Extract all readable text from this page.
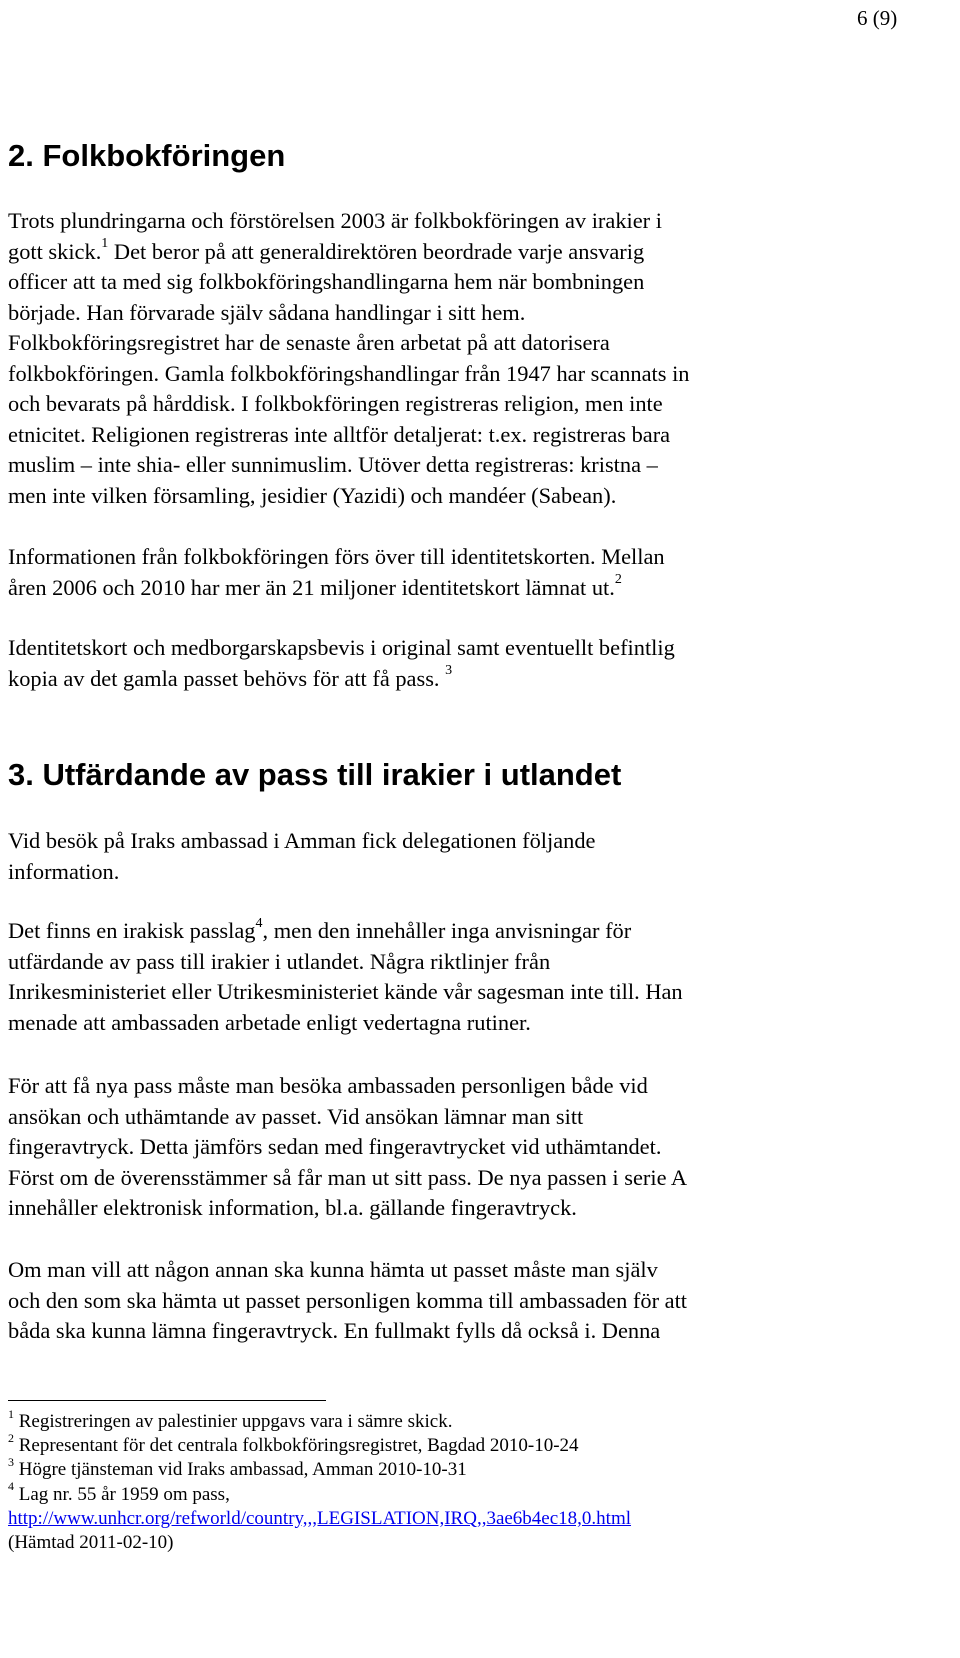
6 (9)
2. Folkbokföringen

Trots plundringarna och förstörelsen 2003 är folkbokföringen av irakier i
gott skick.$^1$ Det beror på att generaldirektören beordrade varje ansvarig
officer att ta med sig folkbokföringshandlingarna hem när bombningen
började. Han förvarade själv sådana handlingar i sitt hem.
Folkbokföringsregistret har de senaste åren arbetat på att datorisera
folkbokföringen. Gamla folkbokföringshandlingar från 1947 har scannats in
och bevarats på hårddisk. I folkbokföringen registreras religion, men inte
etnicitet. Religionen registreras inte alltför detaljerat: t.ex. registreras bara
muslim – inte shia- eller sunnimuslim. Utöver detta registreras: kristna –
men inte vilken församling, jesidier (Yazidi) och mandéer (Sabean).

Informationen från folkbokföringen förs över till identitetskorten. Mellan
åren 2006 och 2010 har mer än 21 miljoner identitetskort lämnat ut.$^2$

Identitetskort och medborgarskapsbevis i original samt eventuellt befintlig
kopia av det gamla passet behövs för att få pass. $^3$

3. Utfärdande av pass till irakier i utlandet

Vid besök på Iraks ambassad i Amman fick delegationen följande
information.

Det finns en irakisk passlag$^4$, men den innehåller inga anvisningar för
utfärdande av pass till irakier i utlandet. Några riktlinjer från
Inrikesministeriet eller Utrikesministeriet kände vår sagesman inte till. Han
menade att ambassaden arbetade enligt vedertagna rutiner.

För att få nya pass måste man besöka ambassaden personligen både vid
ansökan och uthämtande av passet. Vid ansökan lämnar man sitt
fingeravtryck. Detta jämförs sedan med fingeravtrycket vid uthämtandet.
Först om de överensstämmer så får man ut sitt pass. De nya passen i serie A
innehåller elektronisk information, bl.a. gällande fingeravtryck.

Om man vill att någon annan ska kunna hämta ut passet måste man själv
och den som ska hämta ut passet personligen komma till ambassaden för att
båda ska kunna lämna fingeravtryck. En fullmakt fylls då också i. Denna

$^1$ Registreringen av palestinier uppgavs vara i sämre skick.
$^2$ Representant för det centrala folkbokföringsregistret, Bagdad 2010-10-24
$^3$ Högre tjänsteman vid Iraks ambassad, Amman 2010-10-31
$^4$ Lag nr. 55 år 1959 om pass,
http://www.unhcr.org/refworld/country,,,LEGISLATION,IRQ,,3ae6b4ec18,0.html
(Hämtad 2011-02-10)
